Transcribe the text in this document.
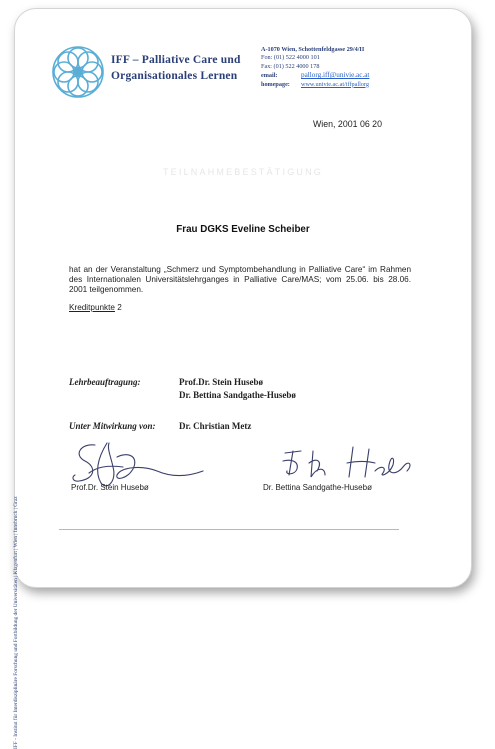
IFF – Palliative Care und
Organisationales Lernen
A-1070 Wien, Schottenfeldgasse 29/4/II
Fon: (01) 522 4000 101
Fax: (01) 522 4000 178
email:	pallorg.iff@univie.ac.at
homepage: www.univie.ac.at/iffpallorg
Wien, 2001 06 20
TEILNAHMEBESTÄTIGUNG
IFF - Institut für Interdisziplinäre Forschung und Fortbildung der Universitäten | Klagenfurt | Wien | Innsbruck | Graz
Frau DGKS Eveline Scheiber
hat an der Veranstaltung „Schmerz und Symptombehandlung in Palliative Care“ im Rahmen des Internationalen Universitätslehrganges in Palliative Care/MAS; vom 25.06. bis 28.06. 2001 teilgenommen.
Kreditpunkte 2
Lehrbeauftragung:	Prof.Dr. Stein Husebø
Dr. Bettina Sandgathe-Husebø
Unter Mitwirkung von:	Dr. Christian Metz
Prof.Dr. Stein Husebø	Dr. Bettina Sandgathe-Husebø
